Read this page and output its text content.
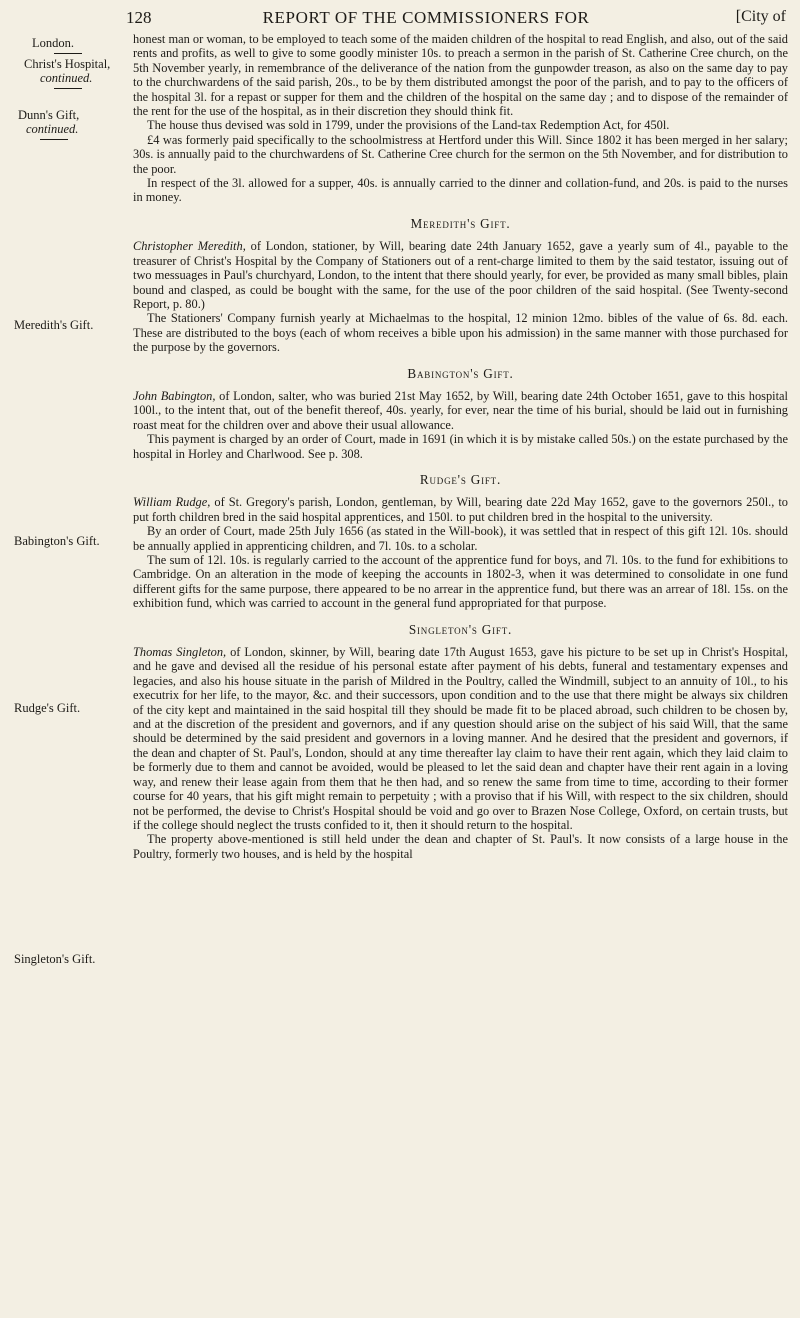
128	REPORT OF THE COMMISSIONERS FOR	[City of
London.
Christ's Hospital,
continued.
Dunn's Gift,
continued.
Meredith's Gift.
Babington's Gift.
Rudge's Gift.
Singleton's Gift.

honest man or woman, to be employed to teach some of the maiden children of the hospital to read English, and also, out of the said rents and profits, as well to give to some goodly minister 10s. to preach a sermon in the parish of St. Catherine Cree church, on the 5th November yearly, in remembrance of the deliverance of the nation from the gunpowder treason, as also on the same day to pay to the churchwardens of the said parish, 20s., to be by them distributed amongst the poor of the parish, and to pay to the officers of the hospital 3l. for a repast or supper for them and the children of the hospital on the same day ; and to dispose of the remainder of the rent for the use of the hospital, as in their discretion they should think fit.

The house thus devised was sold in 1799, under the provisions of the Land-tax Redemption Act, for 450l.

£4 was formerly paid specifically to the schoolmistress at Hertford under this Will. Since 1802 it has been merged in her salary; 30s. is annually paid to the churchwardens of St. Catherine Cree church for the sermon on the 5th November, and for distribution to the poor.

In respect of the 3l. allowed for a supper, 40s. is annually carried to the dinner and collation-fund, and 20s. is paid to the nurses in money.

Meredith's Gift.

Christopher Meredith, of London, stationer, by Will, bearing date 24th January 1652, gave a yearly sum of 4l., payable to the treasurer of Christ's Hospital by the Company of Stationers out of a rent-charge limited to them by the said testator, issuing out of two messuages in Paul's churchyard, London, to the intent that there should yearly, for ever, be provided as many small bibles, plain bound and clasped, as could be bought with the same, for the use of the poor children of the said hospital. (See Twenty-second Report, p. 80.)

The Stationers' Company furnish yearly at Michaelmas to the hospital, 12 minion 12mo. bibles of the value of 6s. 8d. each. These are distributed to the boys (each of whom receives a bible upon his admission) in the same manner with those purchased for the purpose by the governors.

Babington's Gift.

John Babington, of London, salter, who was buried 21st May 1652, by Will, bearing date 24th October 1651, gave to this hospital 100l., to the intent that, out of the benefit thereof, 40s. yearly, for ever, near the time of his burial, should be laid out in furnishing roast meat for the children over and above their usual allowance.

This payment is charged by an order of Court, made in 1691 (in which it is by mistake called 50s.) on the estate purchased by the hospital in Horley and Charlwood. See p. 308.

Rudge's Gift.

William Rudge, of St. Gregory's parish, London, gentleman, by Will, bearing date 22d May 1652, gave to the governors 250l., to put forth children bred in the said hospital apprentices, and 150l. to put children bred in the hospital to the university.

By an order of Court, made 25th July 1656 (as stated in the Will-book), it was settled that in respect of this gift 12l. 10s. should be annually applied in apprenticing children, and 7l. 10s. to a scholar.

The sum of 12l. 10s. is regularly carried to the account of the apprentice fund for boys, and 7l. 10s. to the fund for exhibitions to Cambridge. On an alteration in the mode of keeping the accounts in 1802-3, when it was determined to consolidate in one fund different gifts for the same purpose, there appeared to be no arrear in the apprentice fund, but there was an arrear of 18l. 15s. on the exhibition fund, which was carried to account in the general fund appropriated for that purpose.

Singleton's Gift.

Thomas Singleton, of London, skinner, by Will, bearing date 17th August 1653, gave his picture to be set up in Christ's Hospital, and he gave and devised all the residue of his personal estate after payment of his debts, funeral and testamentary expenses and legacies, and also his house situate in the parish of Mildred in the Poultry, called the Windmill, subject to an annuity of 10l., to his executrix for her life, to the mayor, &c. and their successors, upon condition and to the use that there might be always six children of the city kept and maintained in the said hospital till they should be made fit to be placed abroad, such children to be chosen by, and at the discretion of the president and governors, and if any question should arise on the subject of his said Will, that the same should be determined by the said president and governors in a loving manner. And he desired that the president and governors, if the dean and chapter of St. Paul's, London, should at any time thereafter lay claim to have their rent again, which they laid claim to be formerly due to them and cannot be avoided, would be pleased to let the said dean and chapter have their rent again in a loving way, and renew their lease again from them that he then had, and so renew the same from time to time, according to their former course for 40 years, that his gift might remain to perpetuity ; with a proviso that if his Will, with respect to the six children, should not be performed, the devise to Christ's Hospital should be void and go over to Brazen Nose College, Oxford, on certain trusts, but if the college should neglect the trusts confided to it, then it should return to the hospital.

The property above-mentioned is still held under the dean and chapter of St. Paul's. It now consists of a large house in the Poultry, formerly two houses, and is held by the hospital
